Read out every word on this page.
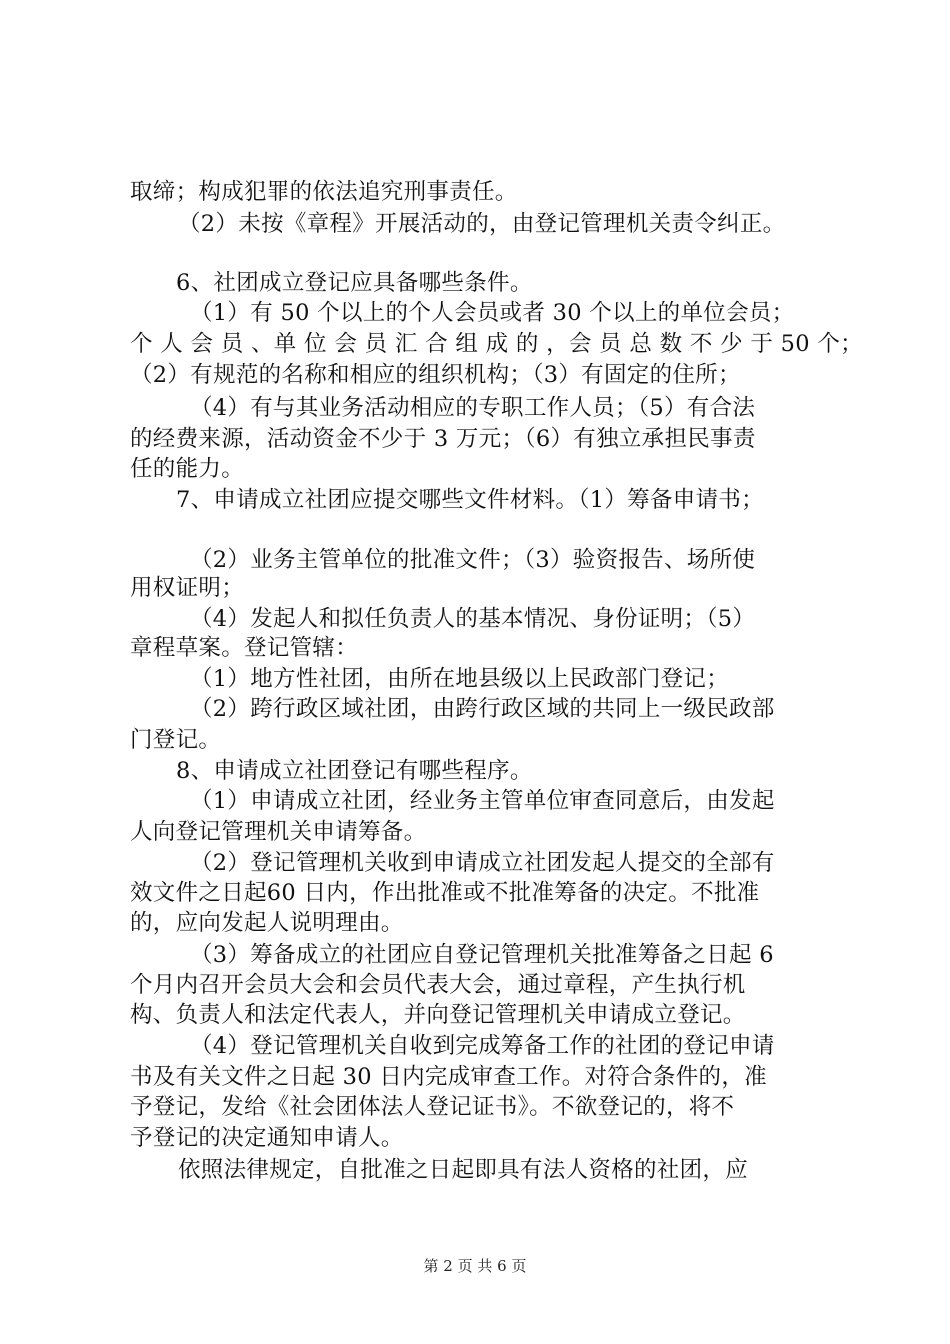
取缔；构成犯罪的依法追究刑事责任。
（2）未按《章程》开展活动的，由登记管理机关责令纠正。
6、社团成立登记应具备哪些条件。
（1）有 50 个以上的个人会员或者 30 个以上的单位会员；
个 人 会 员 、单 位 会 员 汇 合 组 成 的 ，会 员 总 数 不 少 于 50 个；
（2）有规范的名称和相应的组织机构；（3）有固定的住所；
（4）有与其业务活动相应的专职工作人员；（5）有合法
的经费来源，活动资金不少于 3 万元；（6）有独立承担民事责
任的能力。
7、申请成立社团应提交哪些文件材料。（1）筹备申请书；
（2）业务主管单位的批准文件；（3）验资报告、场所使
用权证明；
（4）发起人和拟任负责人的基本情况、身份证明；（5）
章程草案。登记管辖：
（1）地方性社团，由所在地县级以上民政部门登记；
（2）跨行政区域社团，由跨行政区域的共同上一级民政部
门登记。
8、申请成立社团登记有哪些程序。
（1）申请成立社团，经业务主管单位审查同意后，由发起
人向登记管理机关申请筹备。
（2）登记管理机关收到申请成立社团发起人提交的全部有
效文件之日起60 日内，作出批准或不批准筹备的决定。不批准
的，应向发起人说明理由。
（3）筹备成立的社团应自登记管理机关批准筹备之日起 6
个月内召开会员大会和会员代表大会，通过章程，产生执行机
构、负责人和法定代表人，并向登记管理机关申请成立登记。
（4）登记管理机关自收到完成筹备工作的社团的登记申请
书及有关文件之日起 30 日内完成审查工作。对符合条件的，准
予登记，发给《社会团体法人登记证书》。不欲登记的，将不
予登记的决定通知申请人。
依照法律规定，自批准之日起即具有法人资格的社团，应
第 2 页 共 6 页
